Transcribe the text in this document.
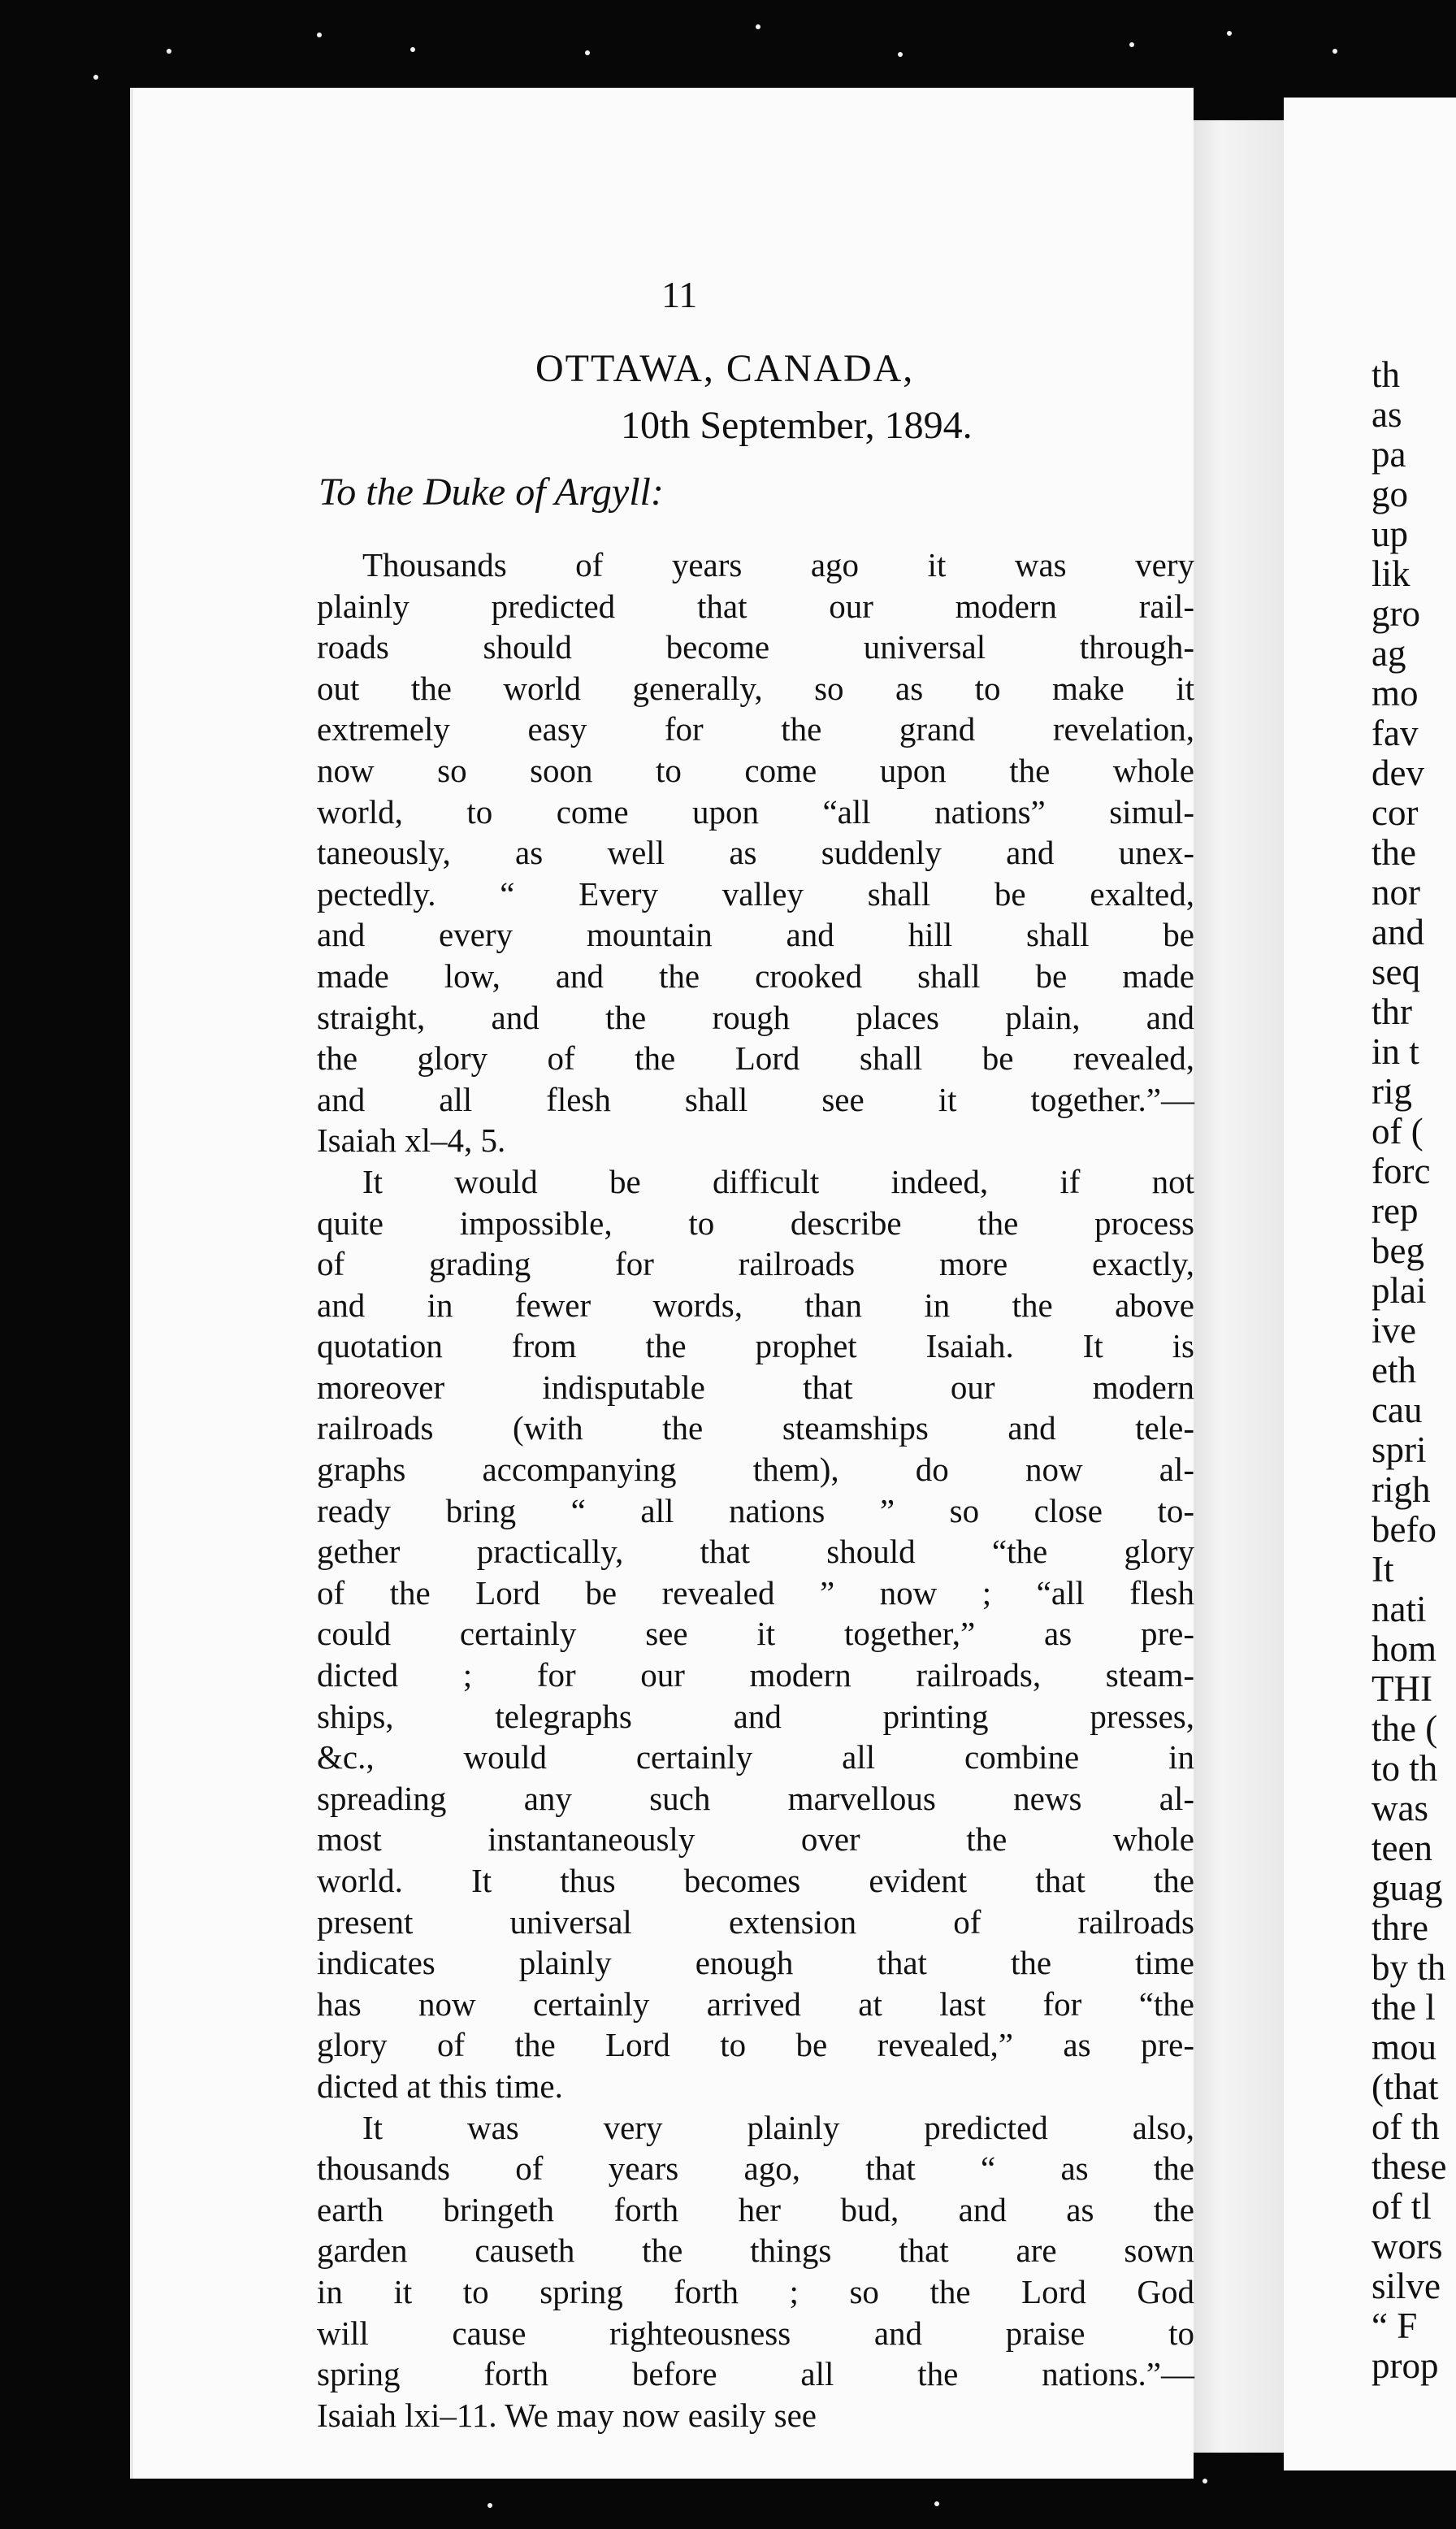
th
as
pa
go
up
lik
gro
ag
mo
fav
dev
cor
the
nor
and
seq
thr
in t
rig
of (
forc
rep
beg
plai
ive
eth
cau
spri
righ
befo
It
nati
hom
THI
the (
to th
was
teen
guag
thre
by th
the l
mou
(that
of th
these
of tl
wors
silve
“ F
prop
11
OTTAWA, CANADA,
10th September, 1894.
To the Duke of Argyll:
Thousands of years ago it was very
plainly predicted that our modern rail-
roads should become universal through-
out the world generally, so as to make it
extremely easy for the grand revelation,
now so soon to come upon the whole
world, to come upon “all nations” simul-
taneously, as well as suddenly and unex-
pectedly. “ Every valley shall be exalted,
and every mountain and hill shall be
made low, and the crooked shall be made
straight, and the rough places plain, and
the glory of the Lord shall be revealed,
and all flesh shall see it together.”—
Isaiah xl–4, 5.
It would be difficult indeed, if not
quite impossible, to describe the process
of grading for railroads more exactly,
and in fewer words, than in the above
quotation from the prophet Isaiah. It is
moreover indisputable that our modern
railroads (with the steamships and tele-
graphs accompanying them), do now al-
ready bring “ all nations ” so close to-
gether practically, that should “the glory
of the Lord be revealed ” now ; “all flesh
could certainly see it together,” as pre-
dicted ; for our modern railroads, steam-
ships, telegraphs and printing presses,
&c., would certainly all combine in
spreading any such marvellous news al-
most instantaneously over the whole
world. It thus becomes evident that the
present universal extension of railroads
indicates plainly enough that the time
has now certainly arrived at last for “the
glory of the Lord to be revealed,” as pre-
dicted at this time.
It was very plainly predicted also,
thousands of years ago, that “ as the
earth bringeth forth her bud, and as the
garden causeth the things that are sown
in it to spring forth ; so the Lord God
will cause righteousness and praise to
spring forth before all the nations.”—
Isaiah lxi–11. We may now easily see
